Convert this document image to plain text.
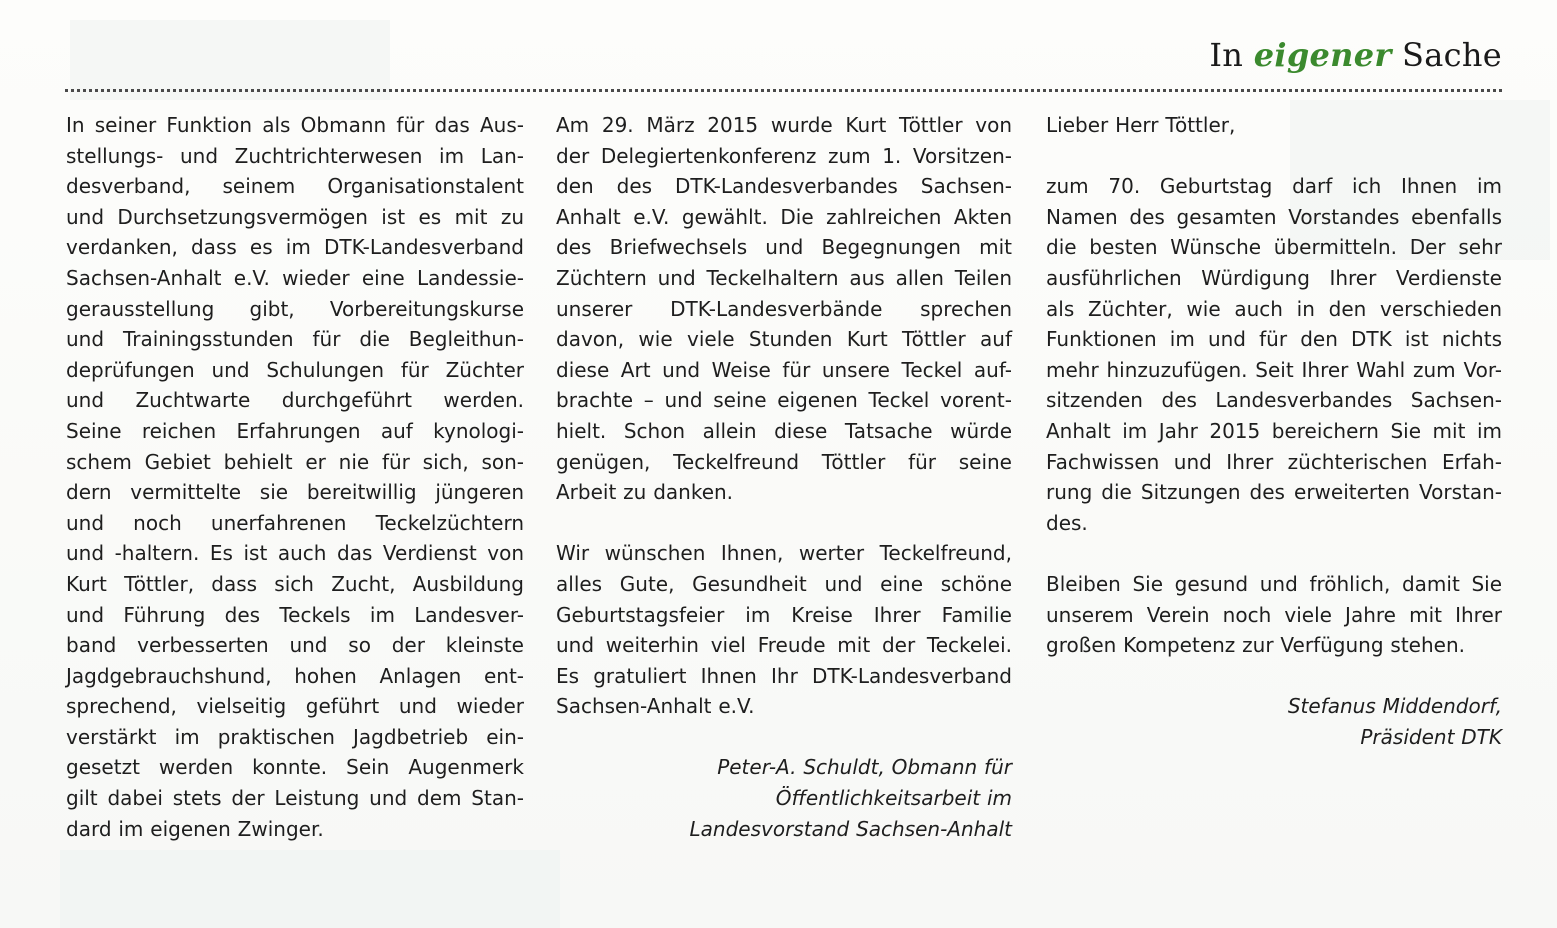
In eigener Sache
In seiner Funktion als Obmann für das Aus-
stellungs- und Zuchtrichterwesen im Lan-
desverband, seinem Organisationstalent
und Durchsetzungsvermögen ist es mit zu
verdanken, dass es im DTK-Landesverband
Sachsen-Anhalt e.V. wieder eine Landessie-
gerausstellung gibt, Vorbereitungskurse
und Trainingsstunden für die Begleithun-
deprüfungen und Schulungen für Züchter
und Zuchtwarte durchgeführt werden.
Seine reichen Erfahrungen auf kynologi-
schem Gebiet behielt er nie für sich, son-
dern vermittelte sie bereitwillig jüngeren
und noch unerfahrenen Teckelzüchtern
und -haltern. Es ist auch das Verdienst von
Kurt Töttler, dass sich Zucht, Ausbildung
und Führung des Teckels im Landesver-
band verbesserten und so der kleinste
Jagdgebrauchshund, hohen Anlagen ent-
sprechend, vielseitig geführt und wieder
verstärkt im praktischen Jagdbetrieb ein-
gesetzt werden konnte. Sein Augenmerk
gilt dabei stets der Leistung und dem Stan-
dard im eigenen Zwinger.
Am 29. März 2015 wurde Kurt Töttler von
der Delegiertenkonferenz zum 1. Vorsitzen-
den des DTK-Landesverbandes Sachsen-
Anhalt e.V. gewählt. Die zahlreichen Akten
des Briefwechsels und Begegnungen mit
Züchtern und Teckelhaltern aus allen Teilen
unserer DTK-Landesverbände sprechen
davon, wie viele Stunden Kurt Töttler auf
diese Art und Weise für unsere Teckel auf-
brachte – und seine eigenen Teckel vorent-
hielt. Schon allein diese Tatsache würde
genügen, Teckelfreund Töttler für seine
Arbeit zu danken.
Wir wünschen Ihnen, werter Teckelfreund,
alles Gute, Gesundheit und eine schöne
Geburtstagsfeier im Kreise Ihrer Familie
und weiterhin viel Freude mit der Teckelei.
Es gratuliert Ihnen Ihr DTK-Landesverband
Sachsen-Anhalt e.V.
Peter-A. Schuldt, Obmann für
Öffentlichkeitsarbeit im
Landesvorstand Sachsen-Anhalt
Lieber Herr Töttler,
zum 70. Geburtstag darf ich Ihnen im
Namen des gesamten Vorstandes ebenfalls
die besten Wünsche übermitteln. Der sehr
ausführlichen Würdigung Ihrer Verdienste
als Züchter, wie auch in den verschieden
Funktionen im und für den DTK ist nichts
mehr hinzuzufügen. Seit Ihrer Wahl zum Vor-
sitzenden des Landesverbandes Sachsen-
Anhalt im Jahr 2015 bereichern Sie mit im
Fachwissen und Ihrer züchterischen Erfah-
rung die Sitzungen des erweiterten Vorstan-
des.
Bleiben Sie gesund und fröhlich, damit Sie
unserem Verein noch viele Jahre mit Ihrer
großen Kompetenz zur Verfügung stehen.
Stefanus Middendorf,
Präsident DTK
